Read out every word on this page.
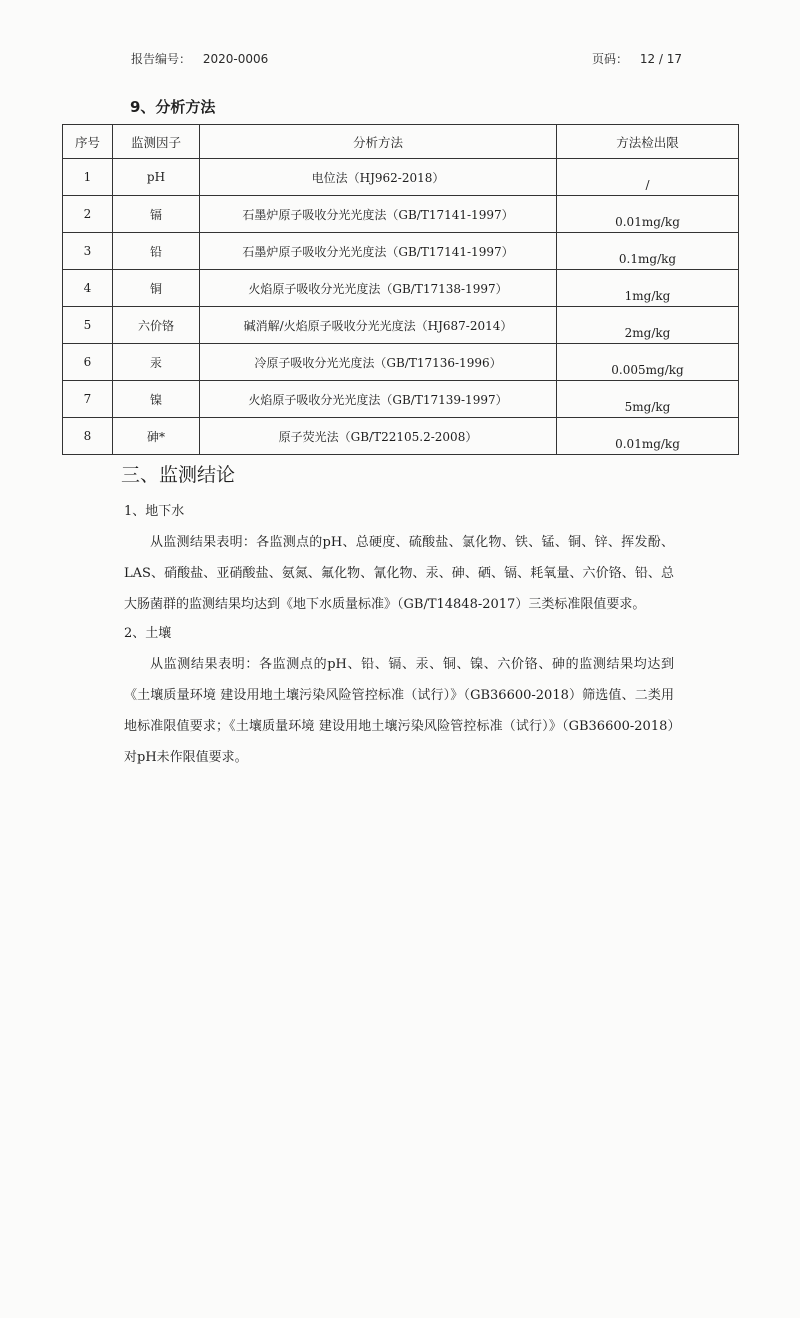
报告编号： 2020-0006	页码： 12 / 17
9、分析方法
序号	监测因子	分析方法	方法检出限
1	pH	电位法（HJ962-2018）	/
2	镉	石墨炉原子吸收分光光度法（GB/T17141-1997）	0.01mg/kg
3	铅	石墨炉原子吸收分光光度法（GB/T17141-1997）	0.1mg/kg
4	铜	火焰原子吸收分光光度法（GB/T17138-1997）	1mg/kg
5	六价铬	碱消解/火焰原子吸收分光光度法（HJ687-2014）	2mg/kg
6	汞	冷原子吸收分光光度法（GB/T17136-1996）	0.005mg/kg
7	镍	火焰原子吸收分光光度法（GB/T17139-1997）	5mg/kg
8	砷*	原子荧光法（GB/T22105.2-2008）	0.01mg/kg
三、监测结论
1、地下水

从监测结果表明：各监测点的pH、总硬度、硫酸盐、氯化物、铁、锰、铜、锌、挥发酚、LAS、硝酸盐、亚硝酸盐、氨氮、氟化物、氰化物、汞、砷、硒、镉、耗氧量、六价铬、铅、总大肠菌群的监测结果均达到《地下水质量标准》（GB/T14848-2017）三类标准限值要求。

2、土壤

从监测结果表明：各监测点的pH、铅、镉、汞、铜、镍、六价铬、砷的监测结果均达到《土壤质量环境 建设用地土壤污染风险管控标准（试行）》（GB36600-2018）筛选值、二类用地标准限值要求；《土壤质量环境 建设用地土壤污染风险管控标准（试行）》（GB36600-2018）对pH未作限值要求。
